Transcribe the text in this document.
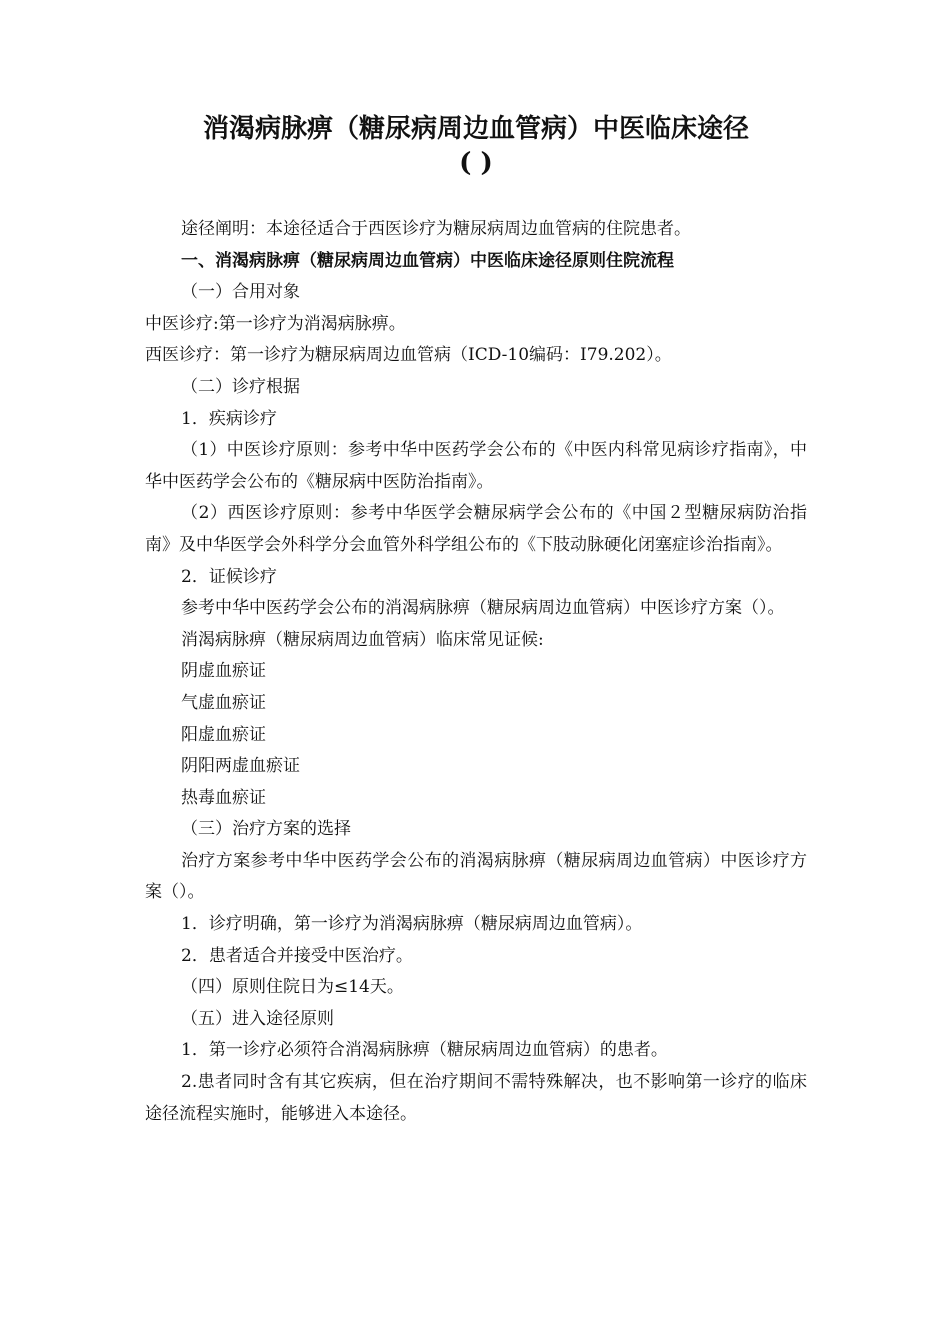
消渴病脉痹（糖尿病周边血管病）中医临床途径
( )

途径阐明：本途径适合于西医诊疗为糖尿病周边血管病的住院患者。

一、消渴病脉痹（糖尿病周边血管病）中医临床途径原则住院流程

（一）合用对象

中医诊疗:第一诊疗为消渴病脉痹。

西医诊疗：第一诊疗为糖尿病周边血管病（ICD-10编码：I79.202）。

（二）诊疗根据

1．疾病诊疗

（1）中医诊疗原则：参考中华中医药学会公布的《中医内科常见病诊疗指南》，中华中医药学会公布的《糖尿病中医防治指南》。

（2）西医诊疗原则：参考中华医学会糖尿病学会公布的《中国２型糖尿病防治指南》及中华医学会外科学分会血管外科学组公布的《下肢动脉硬化闭塞症诊治指南》。

2．证候诊疗

参考中华中医药学会公布的消渴病脉痹（糖尿病周边血管病）中医诊疗方案（）。

消渴病脉痹（糖尿病周边血管病）临床常见证候:

阴虚血瘀证

气虚血瘀证

阳虚血瘀证

阴阳两虚血瘀证

热毒血瘀证

（三）治疗方案的选择

治疗方案参考中华中医药学会公布的消渴病脉痹（糖尿病周边血管病）中医诊疗方案（）。

1．诊疗明确，第一诊疗为消渴病脉痹（糖尿病周边血管病）。

2．患者适合并接受中医治疗。

（四）原则住院日为≤14天。

（五）进入途径原则

1．第一诊疗必须符合消渴病脉痹（糖尿病周边血管病）的患者。

2.患者同时含有其它疾病，但在治疗期间不需特殊解决，也不影响第一诊疗的临床途径流程实施时，能够进入本途径。
